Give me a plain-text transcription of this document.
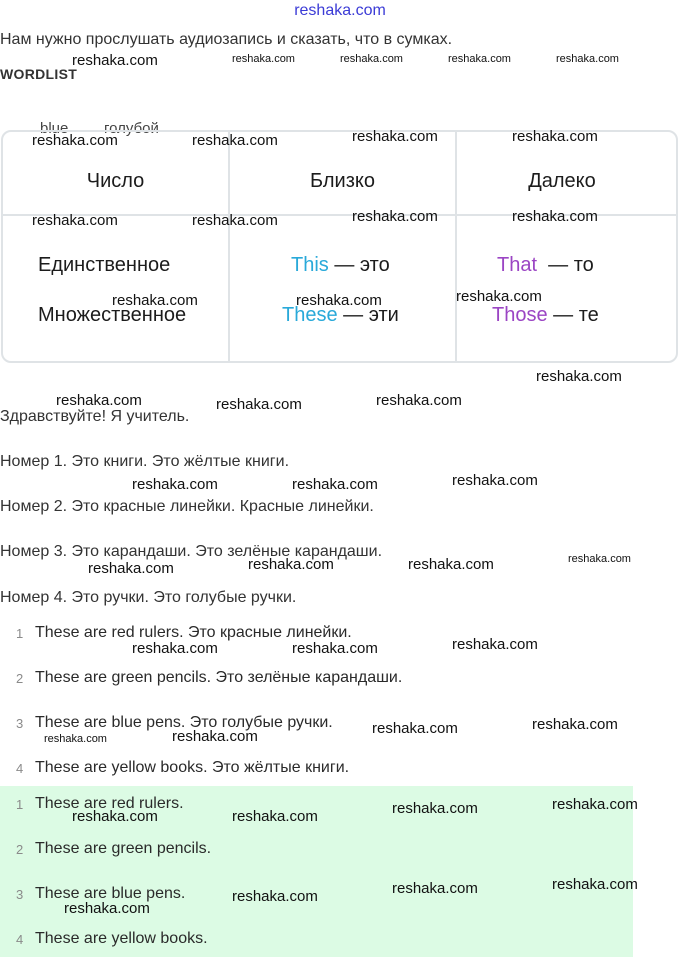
reshaka.com
Нам нужно прослушать аудиозапись и сказать, что в сумках.
WORDLIST
blue голубой
Число	Близко	Далеко
Единственное	This — это	That — то
Множественное	These — эти	Those — те
Здравствуйте! Я учитель.
Номер 1. Это книги. Это жёлтые книги.
Номер 2. Это красные линейки. Красные линейки.
Номер 3. Это карандаши. Это зелёные карандаши.
Номер 4. Это ручки. Это голубые ручки.
1 These are red rulers. Это красные линейки.
2 These are green pencils. Это зелёные карандаши.
3 These are blue pens. Это голубые ручки.
4 These are yellow books. Это жёлтые книги.
1 These are red rulers.
2 These are green pencils.
3 These are blue pens.
4 These are yellow books.
reshaka.com	reshaka.com	reshaka.com	reshaka.com	reshaka.com
reshaka.com	reshaka.com	reshaka.com	reshaka.com
reshaka.com	reshaka.com	reshaka.com	reshaka.com
reshaka.com	reshaka.com	reshaka.com
reshaka.com
reshaka.com	reshaka.com	reshaka.com
reshaka.com	reshaka.com	reshaka.com
reshaka.com	reshaka.com	reshaka.com	reshaka.com
reshaka.com	reshaka.com	reshaka.com
reshaka.com	reshaka.com	reshaka.com	reshaka.com
reshaka.com	reshaka.com	reshaka.com	reshaka.com
reshaka.com
reshaka.com	reshaka.com	reshaka.com
